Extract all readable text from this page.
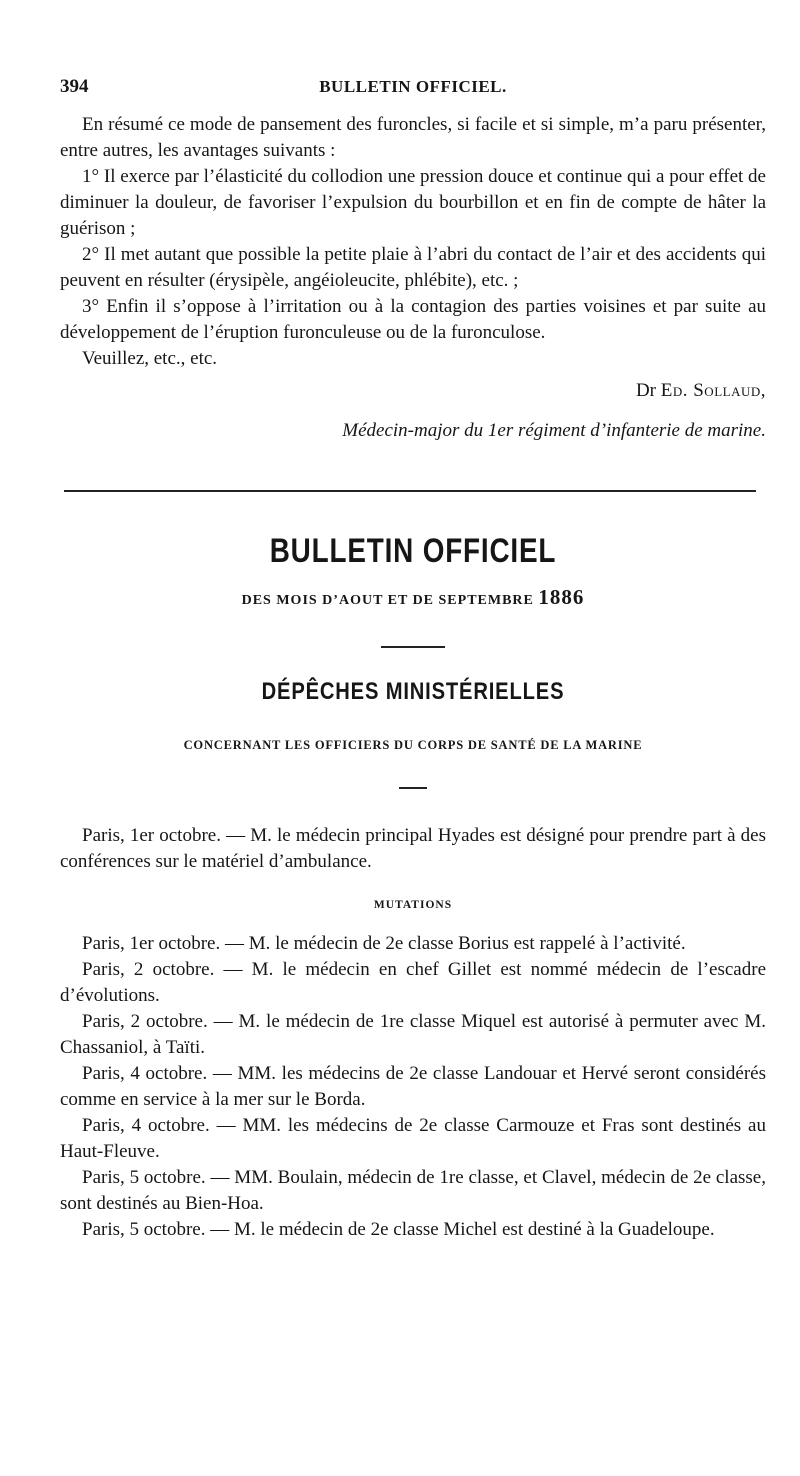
394	BULLETIN OFFICIEL.

En résumé ce mode de pansement des furoncles, si facile et si simple, m’a paru présenter, entre autres, les avantages suivants :

1° Il exerce par l’élasticité du collodion une pression douce et continue qui a pour effet de diminuer la douleur, de favoriser l’expulsion du bourbillon et en fin de compte de hâter la guérison ;

2° Il met autant que possible la petite plaie à l’abri du contact de l’air et des accidents qui peuvent en résulter (érysipèle, angéioleucite, phlébite), etc. ;

3° Enfin il s’oppose à l’irritation ou à la contagion des parties voisines et par suite au développement de l’éruption furonculeuse ou de la furonculose.

Veuillez, etc., etc.

Dr Ed. Sollaud,

Médecin-major du 1er régiment d’infanterie de marine.

BULLETIN OFFICIEL

DES MOIS D’AOUT ET DE SEPTEMBRE 1886

DÉPÊCHES MINISTÉRIELLES
CONCERNANT LES OFFICIERS DU CORPS DE SANTÉ DE LA MARINE

Paris, 1er octobre. — M. le médecin principal Hyades est désigné pour prendre part à des conférences sur le matériel d’ambulance.

MUTATIONS

Paris, 1er octobre. — M. le médecin de 2e classe Borius est rappelé à l’activité.

Paris, 2 octobre. — M. le médecin en chef Gillet est nommé médecin de l’escadre d’évolutions.

Paris, 2 octobre. — M. le médecin de 1re classe Miquel est autorisé à permuter avec M. Chassaniol, à Taïti.

Paris, 4 octobre. — MM. les médecins de 2e classe Landouar et Hervé seront considérés comme en service à la mer sur le Borda.

Paris, 4 octobre. — MM. les médecins de 2e classe Carmouze et Fras sont destinés au Haut-Fleuve.

Paris, 5 octobre. — MM. Boulain, médecin de 1re classe, et Clavel, médecin de 2e classe, sont destinés au Bien-Hoa.

Paris, 5 octobre. — M. le médecin de 2e classe Michel est destiné à la Guadeloupe.
